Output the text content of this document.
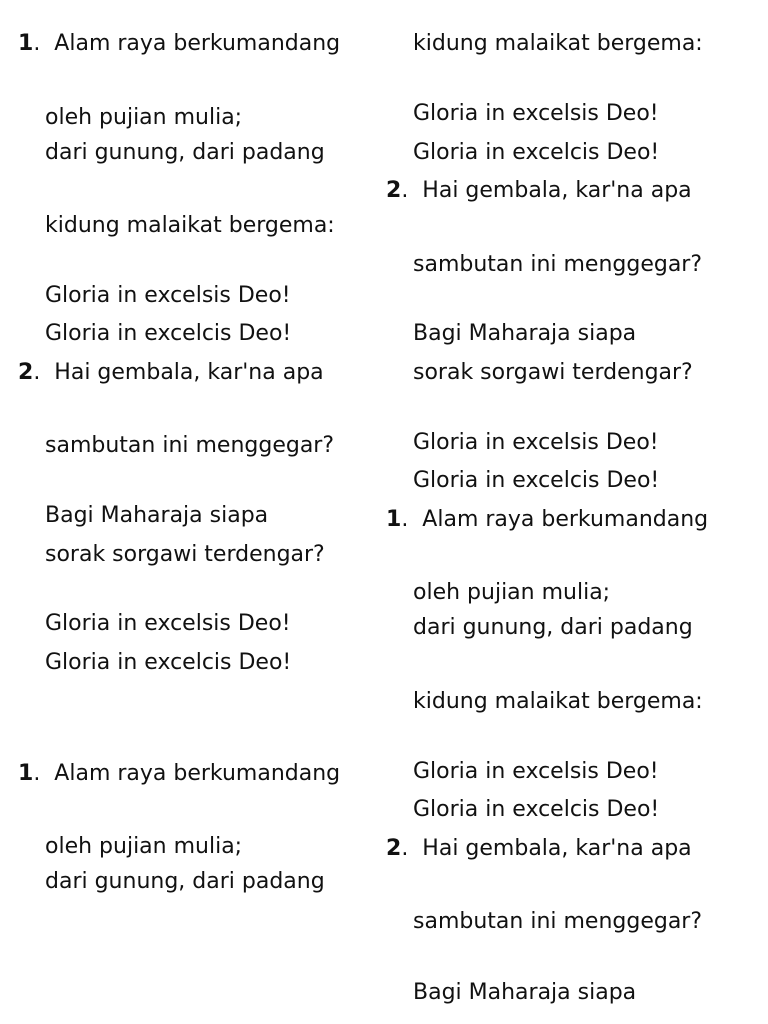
1.  Alam raya berkumandang
oleh pujian mulia;
dari gunung, dari padang
kidung malaikat bergema:
Gloria in excelsis Deo!
Gloria in excelcis Deo!
2.  Hai gembala, kar'na apa
sambutan ini menggegar?
Bagi Maharaja siapa
sorak sorgawi terdengar?
Gloria in excelsis Deo!
Gloria in excelcis Deo!
1.  Alam raya berkumandang
oleh pujian mulia;
dari gunung, dari padang
kidung malaikat bergema:
Gloria in excelsis Deo!
Gloria in excelcis Deo!
2.  Hai gembala, kar'na apa
sambutan ini menggegar?
Bagi Maharaja siapa
sorak sorgawi terdengar?
Gloria in excelsis Deo!
Gloria in excelcis Deo!
1.  Alam raya berkumandang
oleh pujian mulia;
dari gunung, dari padang
kidung malaikat bergema:
Gloria in excelsis Deo!
Gloria in excelcis Deo!
2.  Hai gembala, kar'na apa
sambutan ini menggegar?
Bagi Maharaja siapa
